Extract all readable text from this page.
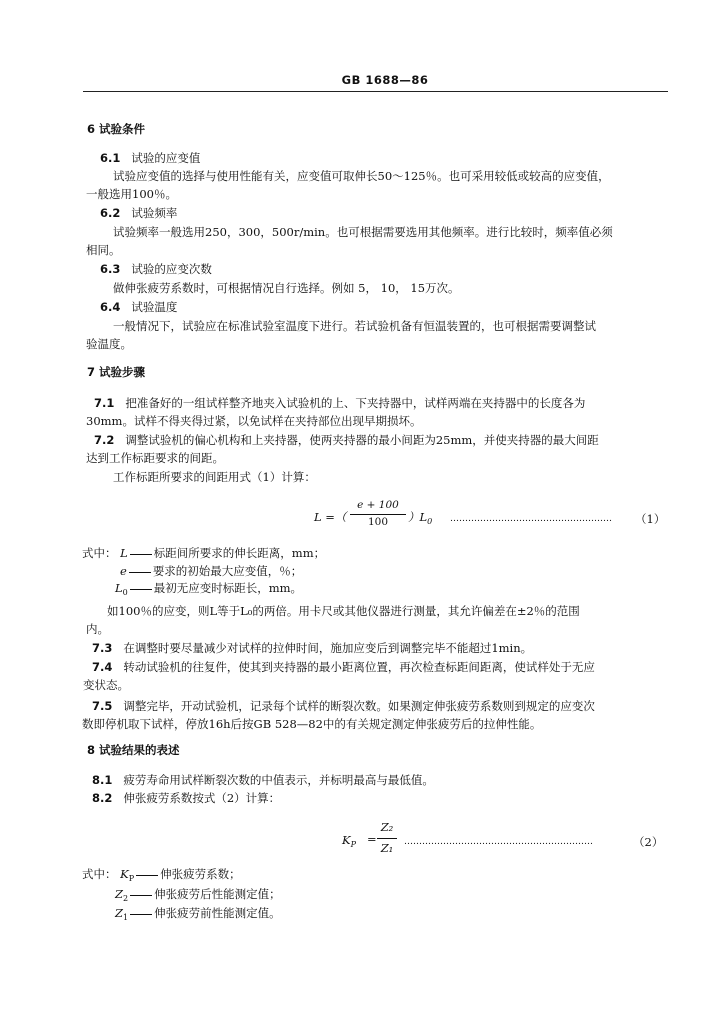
GB 1688—86
6 试验条件
6.1 试验的应变值
试验应变值的选择与使用性能有关，应变值可取伸长50～125％。也可采用较低或较高的应变值，
一般选用100％。
6.2 试验频率
试验频率一般选用250，300，500r/min。也可根据需要选用其他频率。进行比较时，频率值必须
相同。
6.3 试验的应变次数
做伸张疲劳系数时，可根据情况自行选择。例如 5， 10， 15万次。
6.4 试验温度
一般情况下，试验应在标准试验室温度下进行。若试验机备有恒温装置的，也可根据需要调整试
验温度。
7 试验步骤
7.1 把准备好的一组试样整齐地夹入试验机的上、下夹持器中，试样两端在夹持器中的长度各为
30mm。试样不得夹得过紧，以免试样在夹持部位出现早期损坏。
7.2 调整试验机的偏心机构和上夹持器，使两夹持器的最小间距为25mm，并使夹持器的最大间距
达到工作标距要求的间距。
工作标距所要求的间距用式（1）计算：
L =（
e + 100
100	）$L_0$ ……………………………………………… （1）
式中： L 标距间所要求的伸长距离，mm；
e 要求的初始最大应变值，％；
$L_0$ 最初无应变时标距长，mm。
如100％的应变，则L等于L₀的两倍。用卡尺或其他仪器进行测量，其允许偏差在±2％的范围
内。
7.3 在调整时要尽量减少对试样的拉伸时间，施加应变后到调整完毕不能超过1min。
7.4 转动试验机的往复件，使其到夹持器的最小距离位置，再次检查标距间距离，使试样处于无应
变状态。
7.5 调整完毕，开动试验机，记录每个试样的断裂次数。如果测定伸张疲劳系数则到规定的应变次
数即停机取下试样，停放16h后按GB 528—82中的有关规定测定伸张疲劳后的拉伸性能。
8 试验结果的表述
8.1 疲劳寿命用试样断裂次数的中值表示，并标明最高与最低值。
8.2 伸张疲劳系数按式（2）计算：
$K_P$ =
Z₂
Z₁	………………………………………………………	（2）
式中： $K_P$ 伸张疲劳系数；
$Z_2$ 伸张疲劳后性能测定值；
$Z_1$ 伸张疲劳前性能测定值。
